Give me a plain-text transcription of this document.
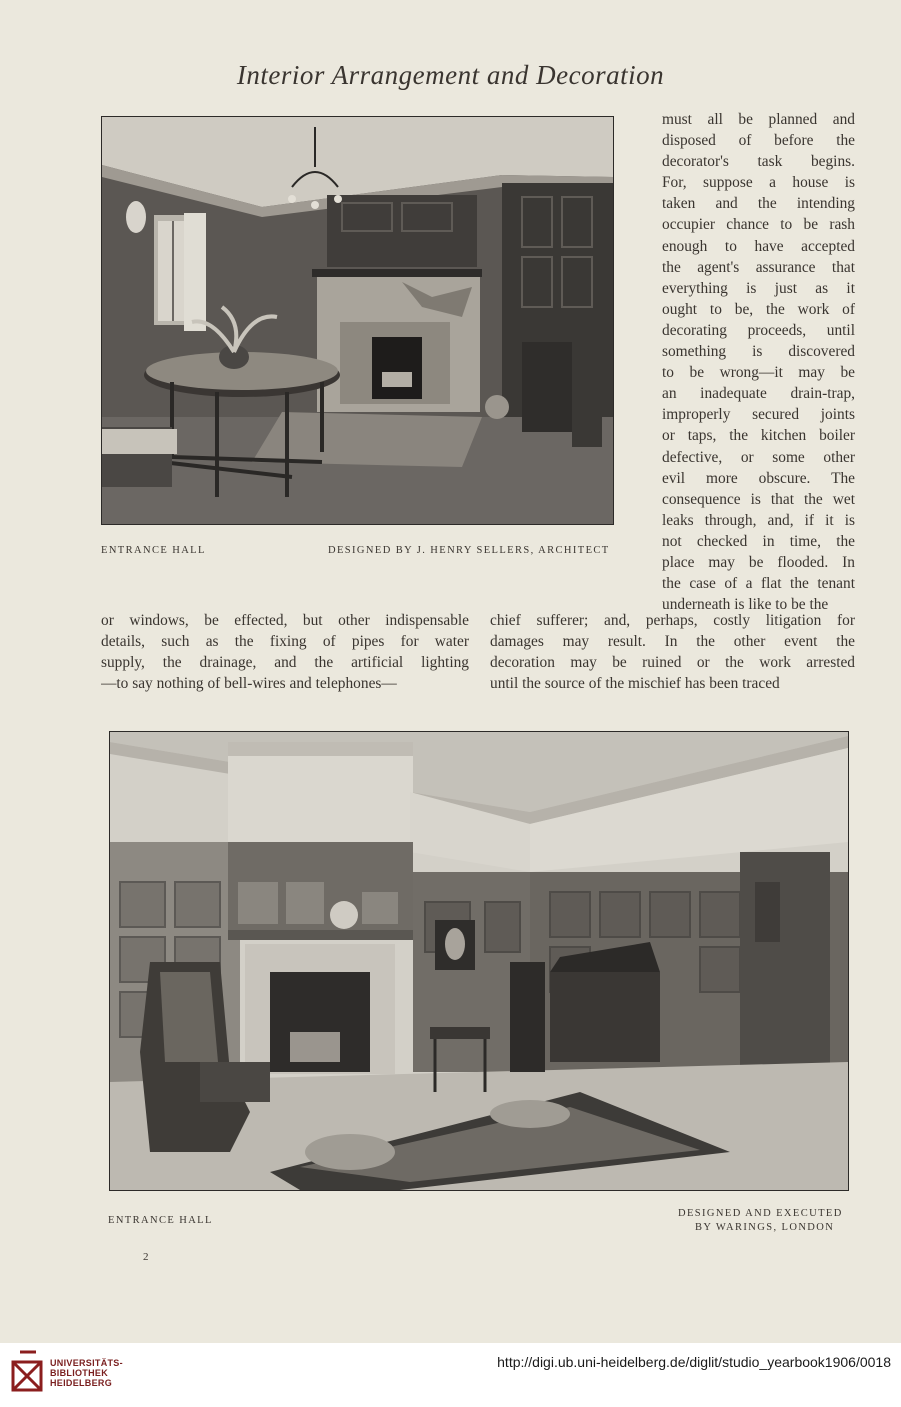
Interior Arrangement and Decoration
ENTRANCE HALL	DESIGNED BY J. HENRY SELLERS, ARCHITECT
must all be planned and
disposed of before the
decorator's task begins.
For, suppose a house is
taken and the intending
occupier chance to be rash
enough to have accepted
the agent's assurance that
everything is just as it
ought to be, the work of
decorating proceeds, until
something is discovered
to be wrong—it may be
an inadequate drain-trap,
improperly secured joints
or taps, the kitchen boiler
defective, or some other
evil more obscure. The
consequence is that the wet
leaks through, and, if it is
not checked in time, the
place may be flooded. In
the case of a flat the tenant
underneath is like to be the
or windows, be effected, but other indispensable
details, such as the fixing of pipes for water
supply, the drainage, and the artificial lighting
—to say nothing of bell-wires and telephones—
chief sufferer; and, perhaps, costly litigation for
damages may result. In the other event the
decoration may be ruined or the work arrested
until the source of the mischief has been traced
ENTRANCE HALL
DESIGNED AND EXECUTED
BY WARINGS, LONDON
2
UNIVERSITÄTS-
BIBLIOTHEK
HEIDELBERG
http://digi.ub.uni-heidelberg.de/diglit/studio_yearbook1906/0018
